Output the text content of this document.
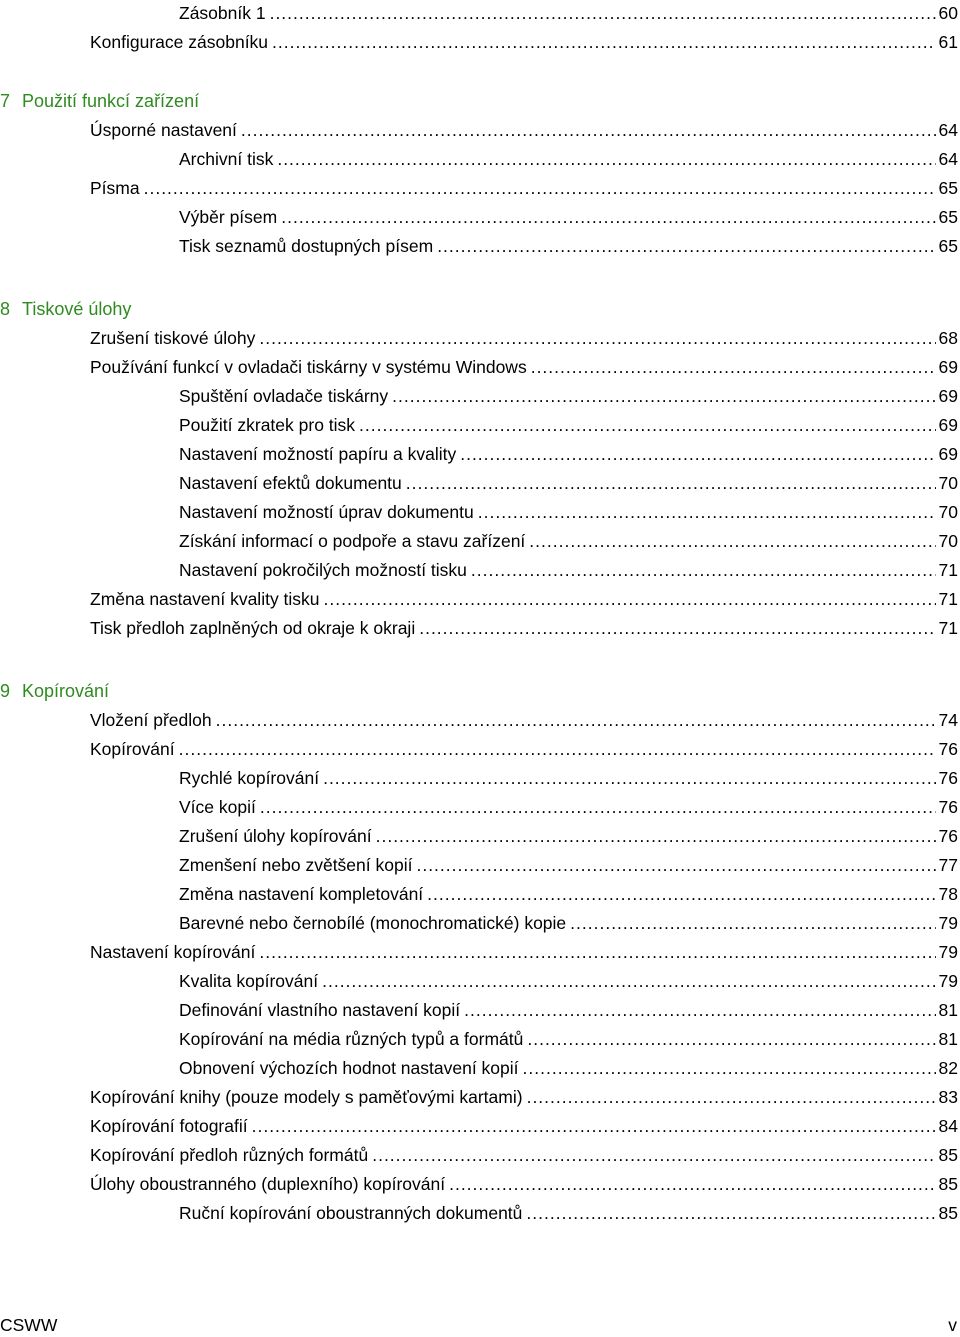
Zásobník 1 .....	60
Konfigurace zásobníku .....	61
7 Použití funkcí zařízení
Úsporné nastavení .....	64
Archivní tisk .....	64
Písma .....	65
Výběr písem .....	65
Tisk seznamů dostupných písem .....	65
8 Tiskové úlohy
Zrušení tiskové úlohy .....	68
Používání funkcí v ovladači tiskárny v systému Windows .....	69
Spuštění ovladače tiskárny .....	69
Použití zkratek pro tisk .....	69
Nastavení možností papíru a kvality .....	69
Nastavení efektů dokumentu .....	70
Nastavení možností úprav dokumentu .....	70
Získání informací o podpoře a stavu zařízení .....	70
Nastavení pokročilých možností tisku .....	71
Změna nastavení kvality tisku .....	71
Tisk předloh zaplněných od okraje k okraji .....	71
9 Kopírování
Vložení předloh .....	74
Kopírování .....	76
Rychlé kopírování .....	76
Více kopií .....	76
Zrušení úlohy kopírování .....	76
Zmenšení nebo zvětšení kopií .....	77
Změna nastavení kompletování .....	78
Barevné nebo černobílé (monochromatické) kopie .....	79
Nastavení kopírování .....	79
Kvalita kopírování .....	79
Definování vlastního nastavení kopií .....	81
Kopírování na média různých typů a formátů .....	81
Obnovení výchozích hodnot nastavení kopií .....	82
Kopírování knihy (pouze modely s paměťovými kartami) .....	83
Kopírování fotografií .....	84
Kopírování předloh různých formátů .....	85
Úlohy oboustranného (duplexního) kopírování .....	85
Ruční kopírování oboustranných dokumentů .....	85
CSWW	v
